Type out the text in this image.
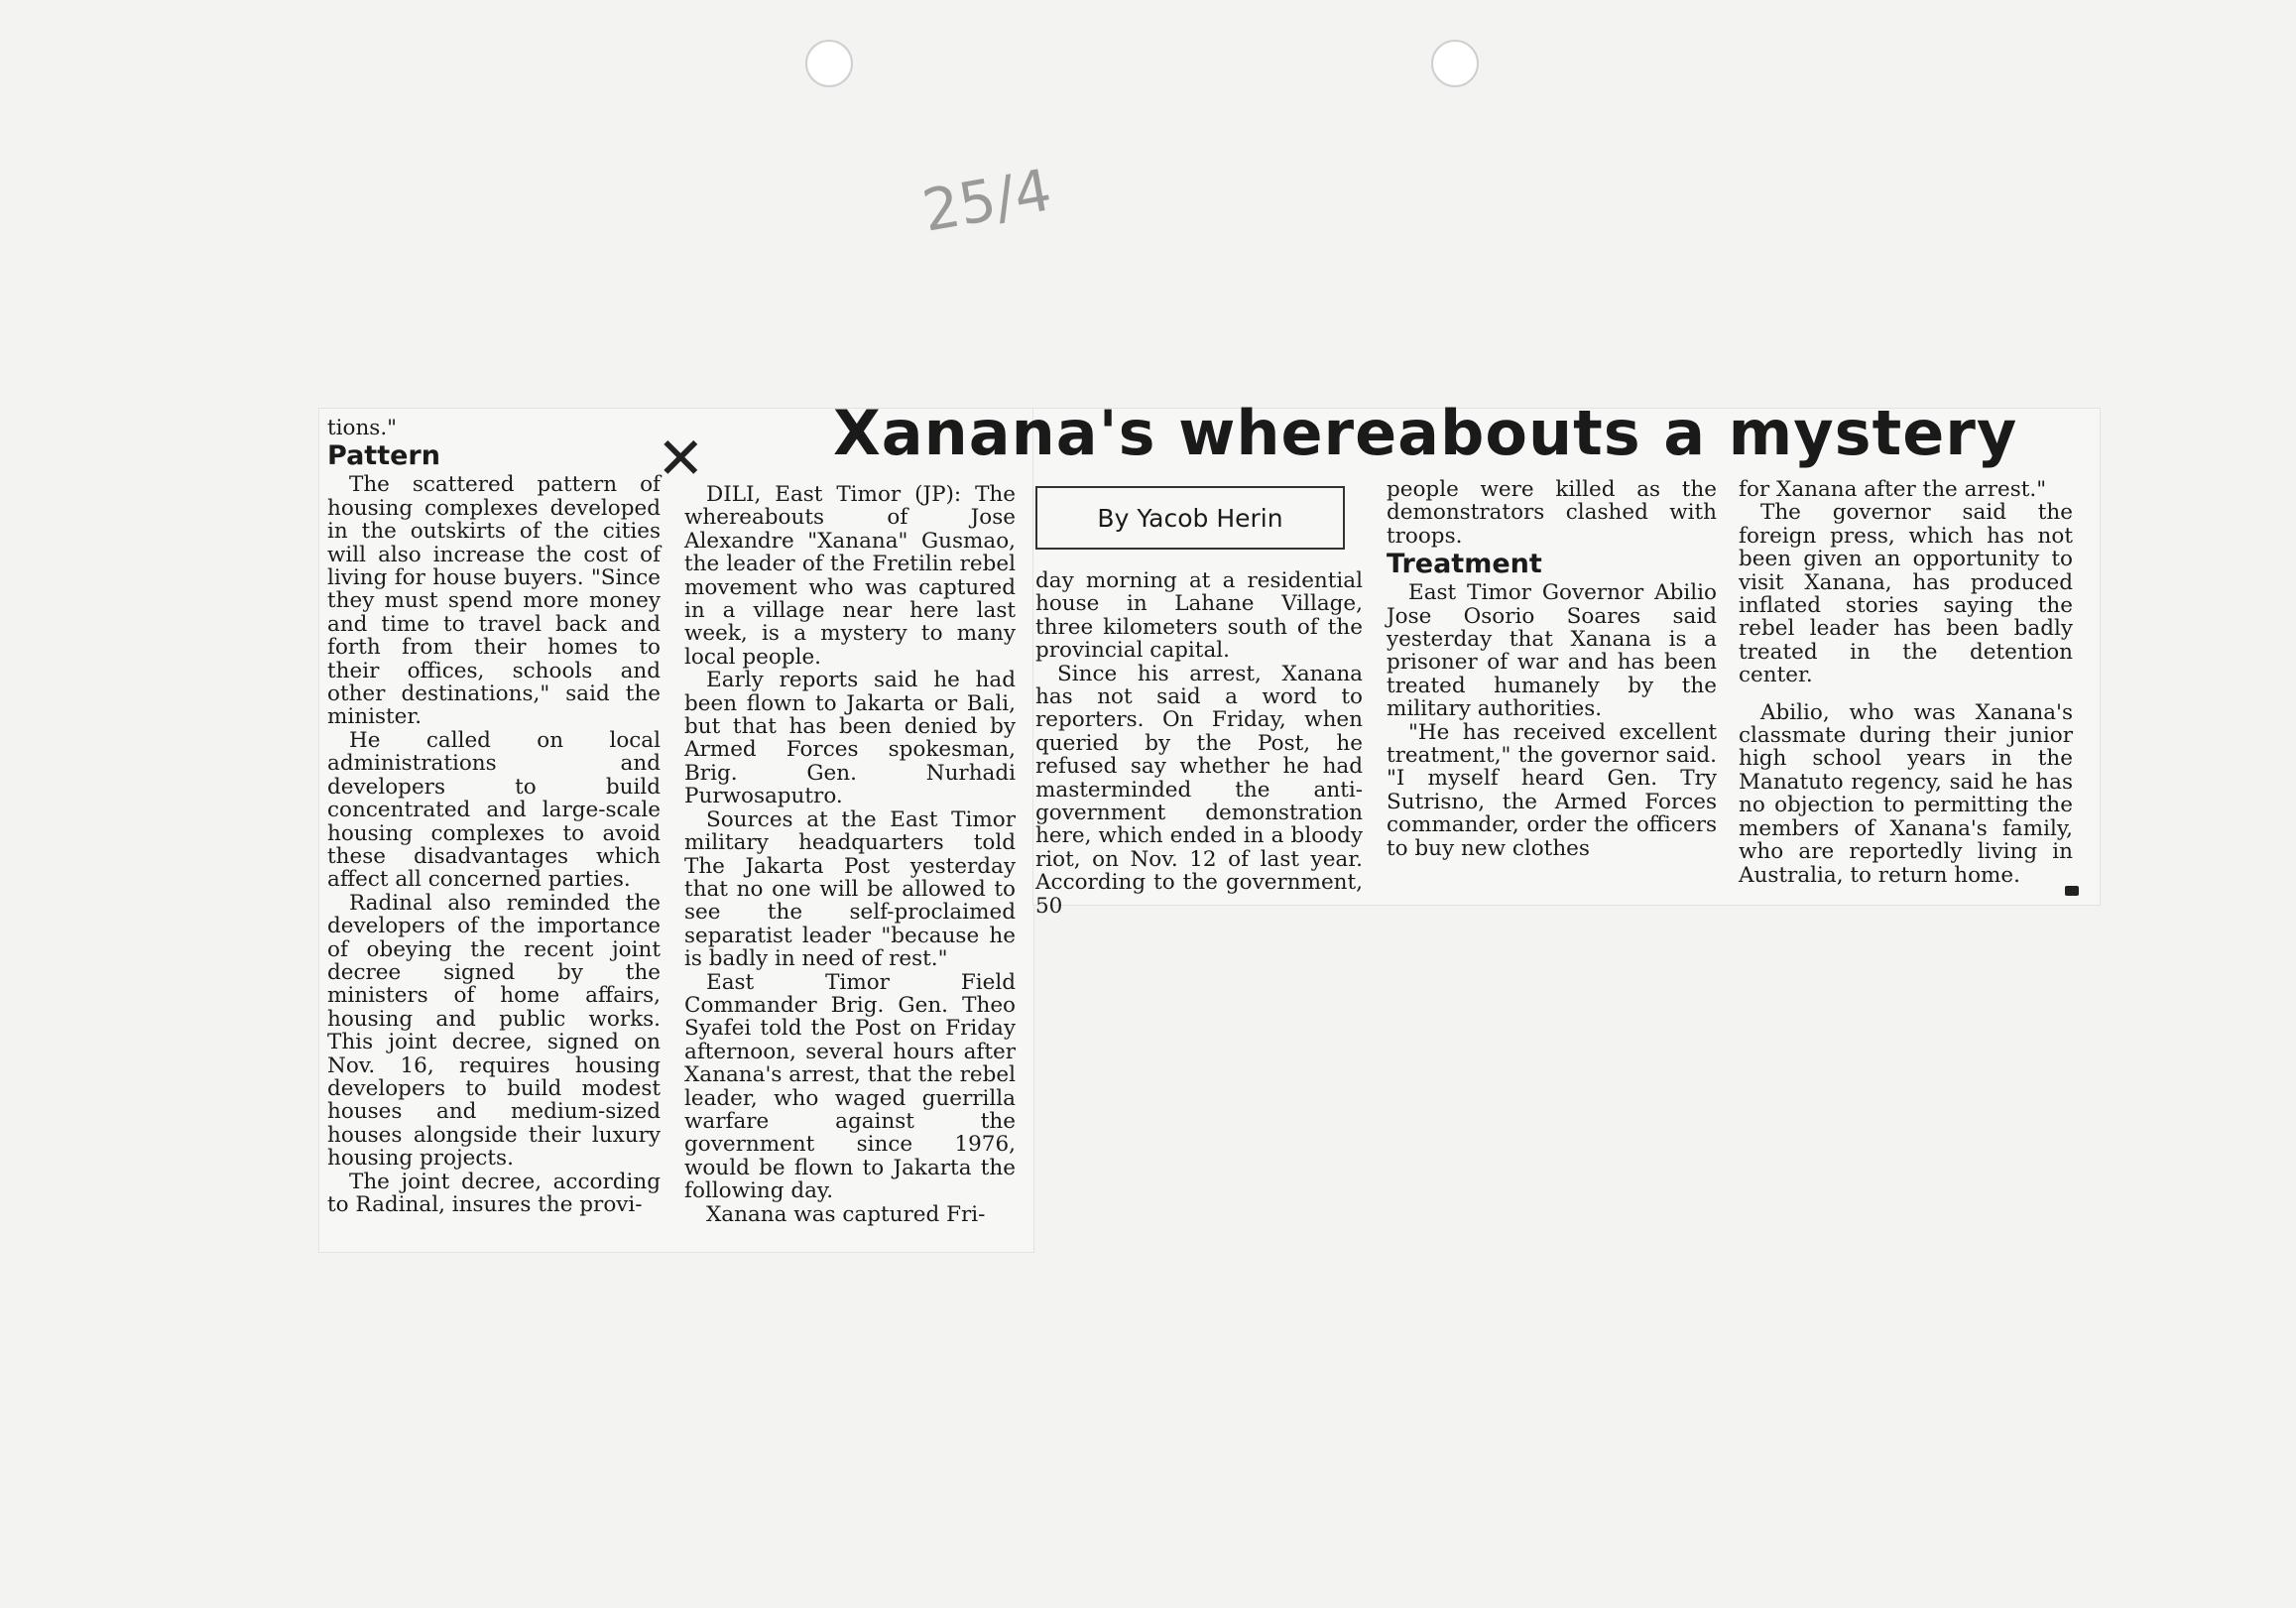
25/4
✕ Xanana's whereabouts a mystery

tions."

Pattern

The scattered pattern of housing complexes developed in the outskirts of the cities will also increase the cost of living for house buyers. "Since they must spend more money and time to travel back and forth from their homes to their offices, schools and other destinations," said the minister.

He called on local administrations and developers to build concentrated and large-scale housing complexes to avoid these disadvantages which affect all concerned parties.

Radinal also reminded the developers of the importance of obeying the recent joint decree signed by the ministers of home affairs, housing and public works. This joint decree, signed on Nov. 16, requires housing developers to build modest houses and medium-sized houses alongside their luxury housing projects.

The joint decree, according to Radinal, insures the provi-

DILI, East Timor (JP): The whereabouts of Jose Alexandre "Xanana" Gusmao, the leader of the Fretilin rebel movement who was captured in a village near here last week, is a mystery to many local people.

Early reports said he had been flown to Jakarta or Bali, but that has been denied by Armed Forces spokesman, Brig. Gen. Nurhadi Purwosaputro.

Sources at the East Timor military headquarters told The Jakarta Post yesterday that no one will be allowed to see the self-proclaimed separatist leader "because he is badly in need of rest."

East Timor Field Commander Brig. Gen. Theo Syafei told the Post on Friday afternoon, several hours after Xanana's arrest, that the rebel leader, who waged guerrilla warfare against the government since 1976, would be flown to Jakarta the following day.

Xanana was captured Fri-

By Yacob Herin

day morning at a residential house in Lahane Village, three kilometers south of the provincial capital.

Since his arrest, Xanana has not said a word to reporters. On Friday, when queried by the Post, he refused say whether he had masterminded the anti-government demonstration here, which ended in a bloody riot, on Nov. 12 of last year. According to the government, 50

people were killed as the demonstrators clashed with troops.

Treatment

East Timor Governor Abilio Jose Osorio Soares said yesterday that Xanana is a prisoner of war and has been treated humanely by the military authorities.

"He has received excellent treatment," the governor said. "I myself heard Gen. Try Sutrisno, the Armed Forces commander, order the officers to buy new clothes

for Xanana after the arrest."

The governor said the foreign press, which has not been given an opportunity to visit Xanana, has produced inflated stories saying the rebel leader has been badly treated in the detention center.

Abilio, who was Xanana's classmate during their junior high school years in the Manatuto regency, said he has no objection to permitting the members of Xanana's family, who are reportedly living in Australia, to return home.
